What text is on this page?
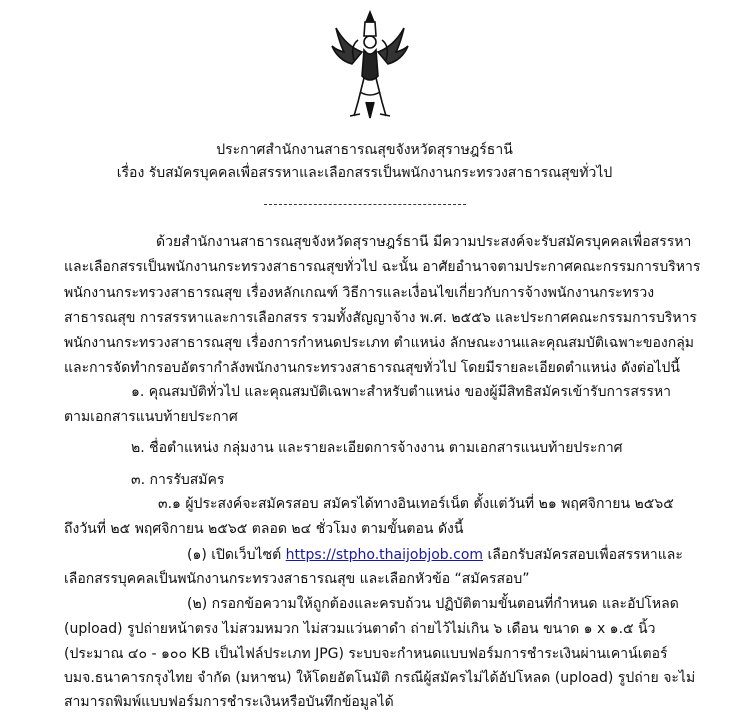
ประกาศสำนักงานสาธารณสุขจังหวัดสุราษฎร์ธานี
เรื่อง รับสมัครบุคคลเพื่อสรรหาและเลือกสรรเป็นพนักงานกระทรวงสาธารณสุขทั่วไป
ด้วยสำนักงานสาธารณสุขจังหวัดสุราษฎร์ธานี มีความประสงค์จะรับสมัครบุคคลเพื่อสรรหา
และเลือกสรรเป็นพนักงานกระทรวงสาธารณสุขทั่วไป ฉะนั้น อาศัยอำนาจตามประกาศคณะกรรมการบริหาร
พนักงานกระทรวงสาธารณสุข เรื่องหลักเกณฑ์ วิธีการและเงื่อนไขเกี่ยวกับการจ้างพนักงานกระทรวง
สาธารณสุข การสรรหาและการเลือกสรร รวมทั้งสัญญาจ้าง พ.ศ. ๒๕๕๖ และประกาศคณะกรรมการบริหาร
พนักงานกระทรวงสาธารณสุข เรื่องการกำหนดประเภท ตำแหน่ง ลักษณะงานและคุณสมบัติเฉพาะของกลุ่ม
และการจัดทำกรอบอัตรากำลังพนักงานกระทรวงสาธารณสุขทั่วไป โดยมีรายละเอียดตำแหน่ง ดังต่อไปนี้
๑. คุณสมบัติทั่วไป และคุณสมบัติเฉพาะสำหรับตำแหน่ง ของผู้มีสิทธิสมัครเข้ารับการสรรหา
ตามเอกสารแนบท้ายประกาศ
๒. ชื่อตำแหน่ง กลุ่มงาน และรายละเอียดการจ้างงาน ตามเอกสารแนบท้ายประกาศ
๓. การรับสมัคร
๓.๑ ผู้ประสงค์จะสมัครสอบ สมัครได้ทางอินเทอร์เน็ต ตั้งแต่วันที่ ๒๑ พฤศจิกายน ๒๕๖๕
ถึงวันที่ ๒๕ พฤศจิกายน ๒๕๖๕ ตลอด ๒๔ ชั่วโมง ตามขั้นตอน ดังนี้
(๑) เปิดเว็บไซต์ https://stpho.thaijobjob.com เลือกรับสมัครสอบเพื่อสรรหาและ
เลือกสรรบุคคลเป็นพนักงานกระทรวงสาธารณสุข และเลือกหัวข้อ “สมัครสอบ”
(๒) กรอกข้อความให้ถูกต้องและครบถ้วน ปฏิบัติตามขั้นตอนที่กำหนด และอัปโหลด
(upload) รูปถ่ายหน้าตรง ไม่สวมหมวก ไม่สวมแว่นตาดำ ถ่ายไว้ไม่เกิน ๖ เดือน ขนาด ๑ x ๑.๕ นิ้ว
(ประมาณ ๔๐ - ๑๐๐ KB เป็นไฟล์ประเภท JPG) ระบบจะกำหนดแบบฟอร์มการชำระเงินผ่านเคาน์เตอร์
บมจ.ธนาคารกรุงไทย จำกัด (มหาชน) ให้โดยอัตโนมัติ กรณีผู้สมัครไม่ได้อัปโหลด (upload) รูปถ่าย จะไม่
สามารถพิมพ์แบบฟอร์มการชำระเงินหรือบันทึกข้อมูลได้
